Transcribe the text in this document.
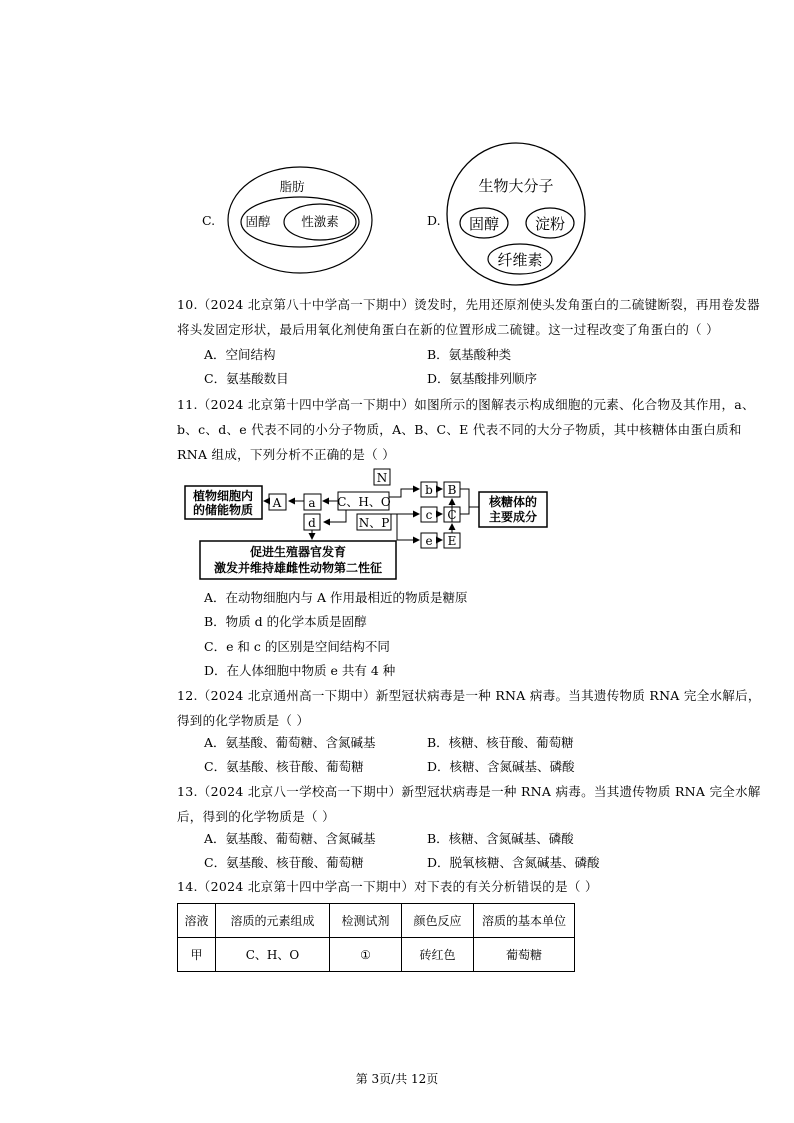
C.
脂肪
固醇 性激素	D.
生物大分子
固醇 淀粉
纤维素
10.（2024 北京第八十中学高一下期中）烫发时，先用还原剂使头发角蛋白的二硫键断裂，再用卷发器将头发固定形状，最后用氧化剂使角蛋白在新的位置形成二硫键。这一过程改变了角蛋白的（ ）
A．空间结构	B．氨基酸种类
C．氨基酸数目	D．氨基酸排列顺序
11.（2024 北京第十四中学高一下期中）如图所示的图解表示构成细胞的元素、化合物及其作用，a、b、c、d、e 代表不同的小分子物质，A、B、C、E 代表不同的大分子物质，其中核糖体由蛋白质和 RNA 组成，下列分析不正确的是（ ）
植物细胞内
的储能物质 A a C、H、O
N
N、P
d
b B
c C
e E
核糖体的
主要成分
促进生殖器官发育
激发并维持雄雌性动物第二性征
A．在动物细胞内与 A 作用最相近的物质是糖原
B．物质 d 的化学本质是固醇
C．e 和 c 的区别是空间结构不同
D．在人体细胞中物质 e 共有 4 种
12.（2024 北京通州高一下期中）新型冠状病毒是一种 RNA 病毒。当其遗传物质 RNA 完全水解后，得到的化学物质是（ ）
A．氨基酸、葡萄糖、含氮碱基	B．核糖、核苷酸、葡萄糖
C．氨基酸、核苷酸、葡萄糖	D．核糖、含氮碱基、磷酸
13.（2024 北京八一学校高一下期中）新型冠状病毒是一种 RNA 病毒。当其遗传物质 RNA 完全水解后，得到的化学物质是（ ）
A．氨基酸、葡萄糖、含氮碱基	B．核糖、含氮碱基、磷酸
C．氨基酸、核苷酸、葡萄糖	D．脱氧核糖、含氮碱基、磷酸
14.（2024 北京第十四中学高一下期中）对下表的有关分析错误的是（ ）
溶液	溶质的元素组成	检测试剂	颜色反应	溶质的基本单位
甲	C、H、O	①	砖红色	葡萄糖
第 3页/共 12页
